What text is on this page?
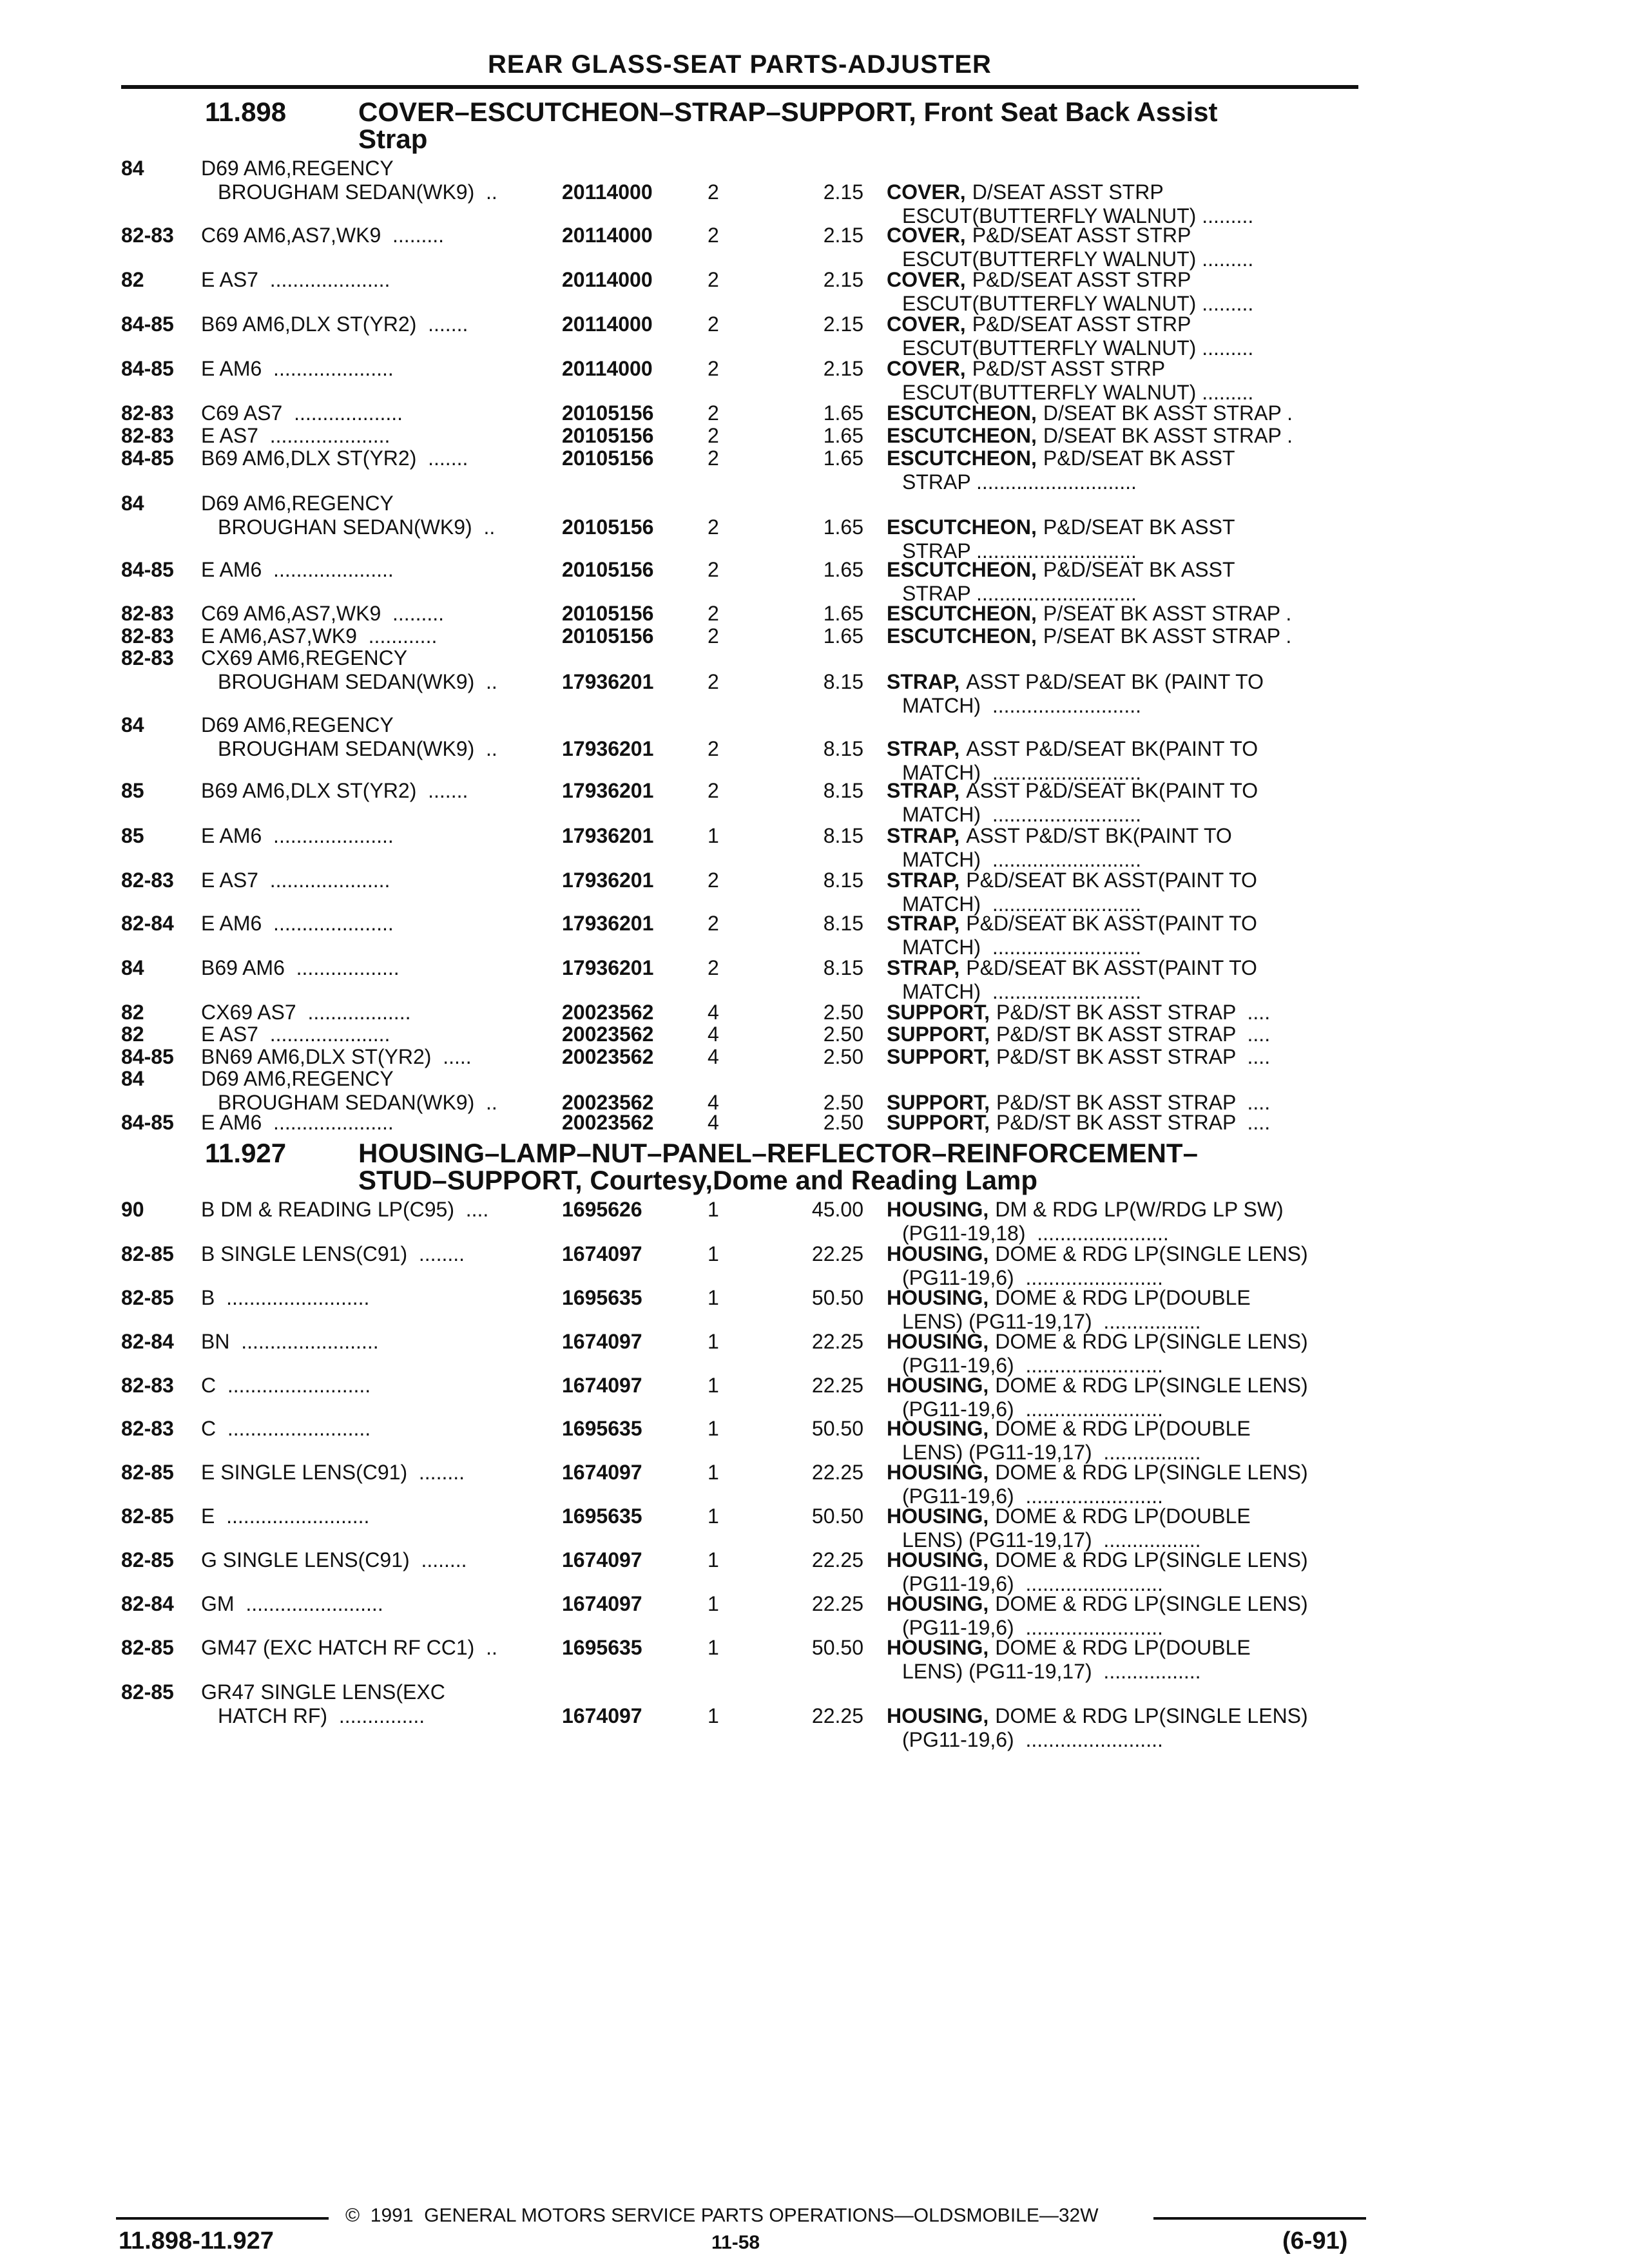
REAR GLASS-SEAT PARTS-ADJUSTER
11.898	COVER–ESCUTCHEON–STRAP–SUPPORT, Front Seat Back Assist
Strap
84	D69 AM6,REGENCY
BROUGHAM SEDAN(WK9)  ..	20114000	2	2.15 COVER, D/SEAT ASST STRP
ESCUT(BUTTERFLY WALNUT) .........
82-83 C69 AM6,AS7,WK9  .........	20114000	2	2.15 COVER, P&D/SEAT ASST STRP
ESCUT(BUTTERFLY WALNUT) .........
82	E AS7  .....................	20114000	2	2.15 COVER, P&D/SEAT ASST STRP
ESCUT(BUTTERFLY WALNUT) .........
84-85 B69 AM6,DLX ST(YR2)  .......	20114000	2	2.15 COVER, P&D/SEAT ASST STRP
ESCUT(BUTTERFLY WALNUT) .........
84-85 E AM6  .....................	20114000	2	2.15 COVER, P&D/ST ASST STRP
ESCUT(BUTTERFLY WALNUT) .........
82-83 C69 AS7  ...................	20105156	2	1.65 ESCUTCHEON, D/SEAT BK ASST STRAP .
82-83 E AS7  .....................	20105156	2	1.65 ESCUTCHEON, D/SEAT BK ASST STRAP .
84-85 B69 AM6,DLX ST(YR2)  .......	20105156	2	1.65 ESCUTCHEON, P&D/SEAT BK ASST
STRAP ............................
84	D69 AM6,REGENCY
BROUGHAN SEDAN(WK9)  ..	20105156	2	1.65 ESCUTCHEON, P&D/SEAT BK ASST
STRAP ............................
84-85 E AM6  .....................	20105156	2	1.65 ESCUTCHEON, P&D/SEAT BK ASST
STRAP ............................
82-83 C69 AM6,AS7,WK9  .........	20105156	2	1.65 ESCUTCHEON, P/SEAT BK ASST STRAP .
82-83 E AM6,AS7,WK9  ............	20105156	2	1.65 ESCUTCHEON, P/SEAT BK ASST STRAP .
82-83 CX69 AM6,REGENCY
BROUGHAM SEDAN(WK9)  ..	17936201	2	8.15 STRAP, ASST P&D/SEAT BK (PAINT TO
MATCH)  ..........................
84	D69 AM6,REGENCY
BROUGHAM SEDAN(WK9)  ..	17936201	2	8.15 STRAP, ASST P&D/SEAT BK(PAINT TO
MATCH)  ..........................
85	B69 AM6,DLX ST(YR2)  .......	17936201	2	8.15 STRAP, ASST P&D/SEAT BK(PAINT TO
MATCH)  ..........................
85	E AM6  .....................	17936201	1	8.15 STRAP, ASST P&D/ST BK(PAINT TO
MATCH)  ..........................
82-83 E AS7  .....................	17936201	2	8.15 STRAP, P&D/SEAT BK ASST(PAINT TO
MATCH)  ..........................
82-84 E AM6  .....................	17936201	2	8.15 STRAP, P&D/SEAT BK ASST(PAINT TO
MATCH)  ..........................
84	B69 AM6  ..................	17936201	2	8.15 STRAP, P&D/SEAT BK ASST(PAINT TO
MATCH)  ..........................
82	CX69 AS7  ..................	20023562	4	2.50 SUPPORT, P&D/ST BK ASST STRAP  ....
82	E AS7  .....................	20023562	4	2.50 SUPPORT, P&D/ST BK ASST STRAP  ....
84-85 BN69 AM6,DLX ST(YR2)  .....	20023562	4	2.50 SUPPORT, P&D/ST BK ASST STRAP  ....
84	D69 AM6,REGENCY
BROUGHAM SEDAN(WK9)  ..	20023562	4	2.50 SUPPORT, P&D/ST BK ASST STRAP  ....
84-85 E AM6  .....................	20023562	4	2.50 SUPPORT, P&D/ST BK ASST STRAP  ....
11.927	HOUSING–LAMP–NUT–PANEL–REFLECTOR–REINFORCEMENT–
STUD–SUPPORT, Courtesy,Dome and Reading Lamp
90	B DM & READING LP(C95)  ....	1695626	1	45.00 HOUSING, DM & RDG LP(W/RDG LP SW)
(PG11-19,18)  .......................
82-85 B SINGLE LENS(C91)  ........	1674097	1	22.25 HOUSING, DOME & RDG LP(SINGLE LENS)
(PG11-19,6)  ........................
82-85 B  .........................	1695635	1	50.50 HOUSING, DOME & RDG LP(DOUBLE
LENS) (PG11-19,17)  .................
82-84 BN  ........................	1674097	1	22.25 HOUSING, DOME & RDG LP(SINGLE LENS)
(PG11-19,6)  ........................
82-83 C  .........................	1674097	1	22.25 HOUSING, DOME & RDG LP(SINGLE LENS)
(PG11-19,6)  ........................
82-83 C  .........................	1695635	1	50.50 HOUSING, DOME & RDG LP(DOUBLE
LENS) (PG11-19,17)  .................
82-85 E SINGLE LENS(C91)  ........	1674097	1	22.25 HOUSING, DOME & RDG LP(SINGLE LENS)
(PG11-19,6)  ........................
82-85 E  .........................	1695635	1	50.50 HOUSING, DOME & RDG LP(DOUBLE
LENS) (PG11-19,17)  .................
82-85 G SINGLE LENS(C91)  ........	1674097	1	22.25 HOUSING, DOME & RDG LP(SINGLE LENS)
(PG11-19,6)  ........................
82-84 GM  ........................	1674097	1	22.25 HOUSING, DOME & RDG LP(SINGLE LENS)
(PG11-19,6)  ........................
82-85 GM47 (EXC HATCH RF CC1)  ..	1695635	1	50.50 HOUSING, DOME & RDG LP(DOUBLE
LENS) (PG11-19,17)  .................
82-85 GR47 SINGLE LENS(EXC
HATCH RF)  ...............	1674097	1	22.25 HOUSING, DOME & RDG LP(SINGLE LENS)
(PG11-19,6)  ........................
©  1991  GENERAL MOTORS SERVICE PARTS OPERATIONS—OLDSMOBILE—32W
11.898-11.927	11-58	(6-91)
